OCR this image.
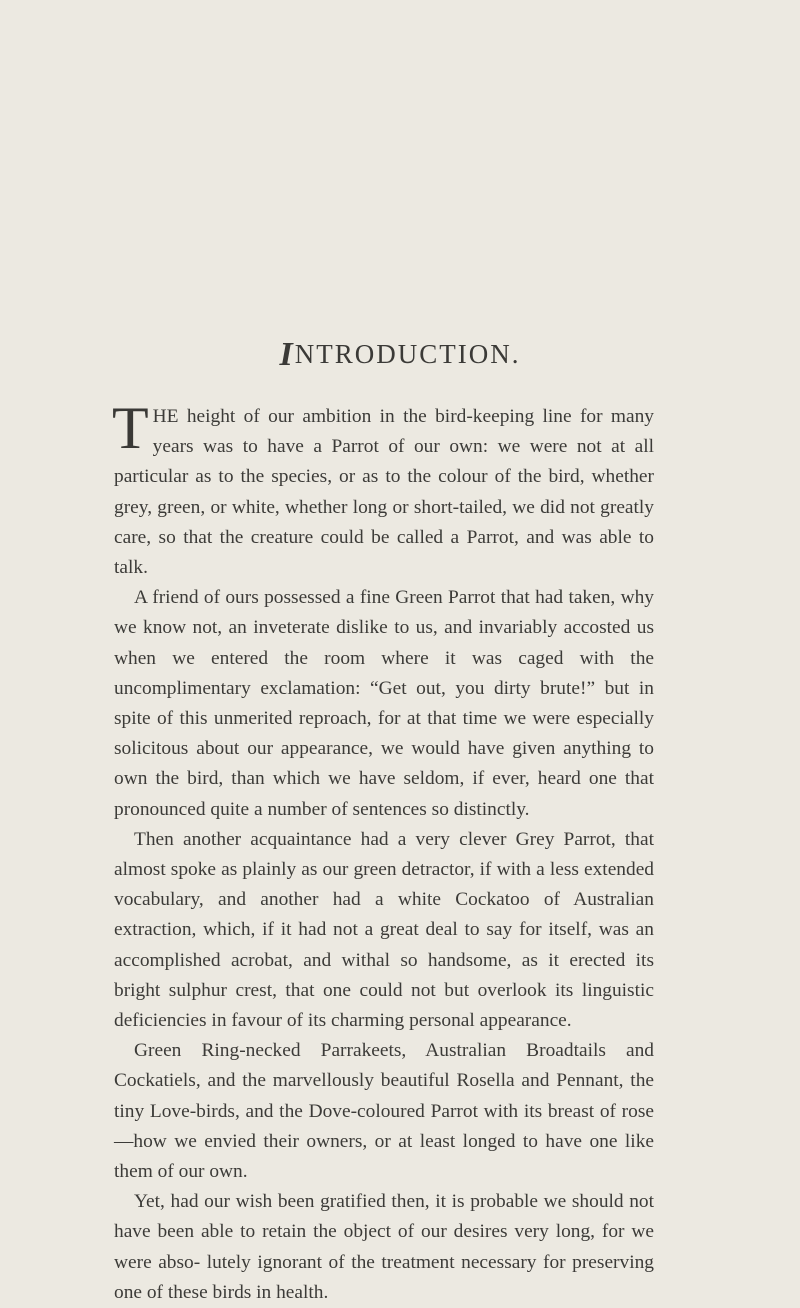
INTRODUCTION.

THE height of our ambition in the bird-keeping line for many years was to have a Parrot of our own: we were not at all particular as to the species, or as to the colour of the bird, whether grey, green, or white, whether long or short-tailed, we did not greatly care, so that the creature could be called a Parrot, and was able to talk.

A friend of ours possessed a fine Green Parrot that had taken, why we know not, an inveterate dislike to us, and invariably accosted us when we entered the room where it was caged with the uncomplimentary exclamation: “Get out, you dirty brute!” but in spite of this unmerited reproach, for at that time we were especially solicitous about our appearance, we would have given anything to own the bird, than which we have seldom, if ever, heard one that pronounced quite a number of sentences so distinctly.

Then another acquaintance had a very clever Grey Parrot, that almost spoke as plainly as our green detractor, if with a less extended vocabulary, and another had a white Cockatoo of Australian extraction, which, if it had not a great deal to say for itself, was an accomplished acrobat, and withal so handsome, as it erected its bright sulphur crest, that one could not but overlook its linguistic deficiencies in favour of its charming personal appearance.

Green Ring-necked Parrakeets, Australian Broadtails and Cockatiels, and the marvellously beautiful Rosella and Pennant, the tiny Love-birds, and the Dove-coloured Parrot with its breast of rose—how we envied their owners, or at least longed to have one like them of our own.

Yet, had our wish been gratified then, it is probable we should not have been able to retain the object of our desires very long, for we were abso- lutely ignorant of the treatment necessary for preserving one of these birds in health.
